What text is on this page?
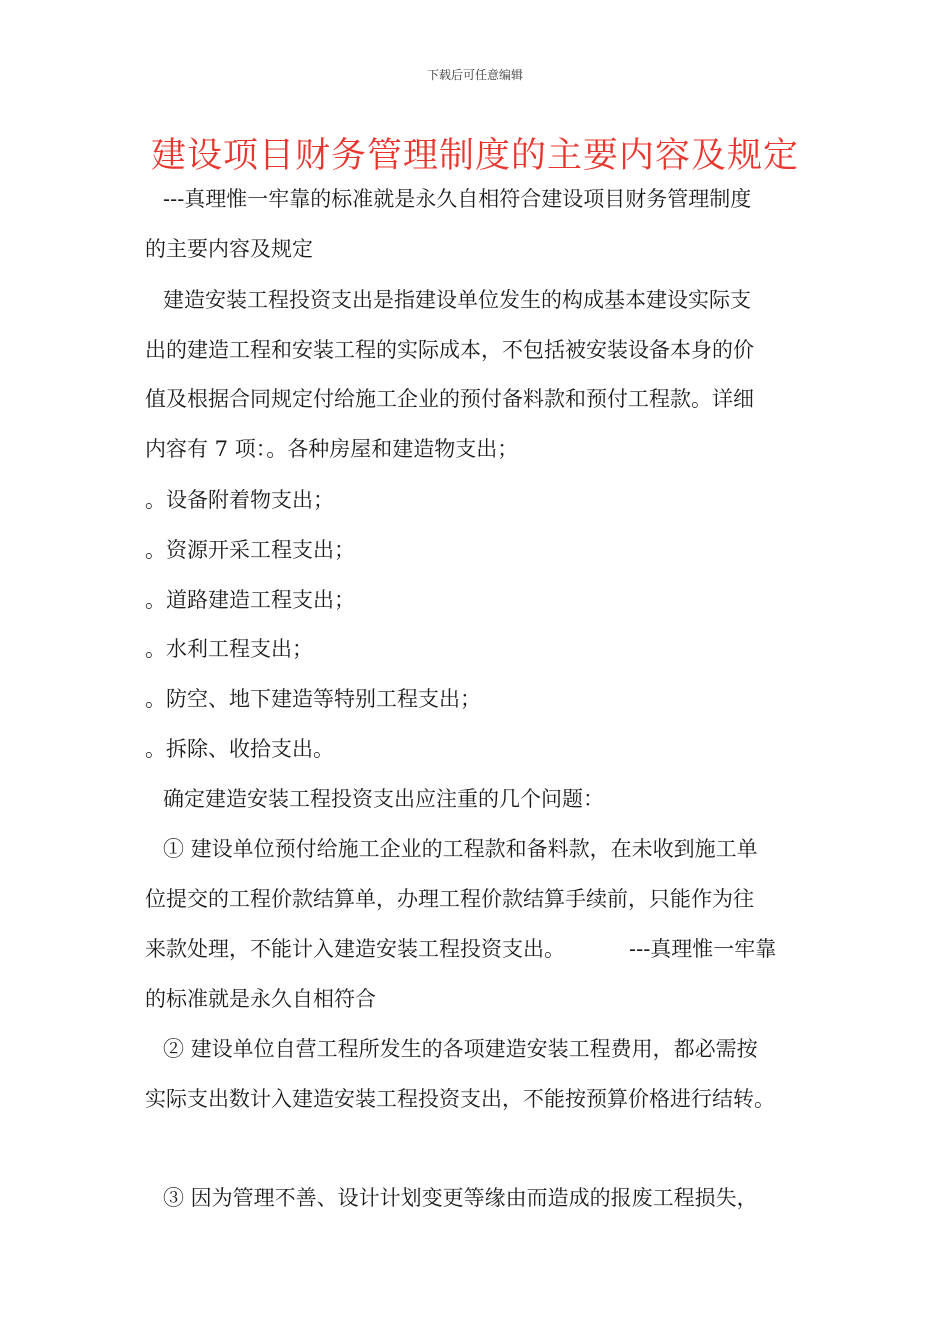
下载后可任意编辑
建设项目财务管理制度的主要内容及规定
---真理惟一牢靠的标准就是永久自相符合建设项目财务管理制度
的主要内容及规定
建造安装工程投资支出是指建设单位发生的构成基本建设实际支
出的建造工程和安装工程的实际成本，不包括被安装设备本身的价
值及根据合同规定付给施工企业的预付备料款和预付工程款。详细
内容有 7 项：。各种房屋和建造物支出；
。设备附着物支出；
。资源开采工程支出；
。道路建造工程支出；
。水利工程支出；
。防空、地下建造等特别工程支出；
。拆除、收拾支出。
确定建造安装工程投资支出应注重的几个问题：
① 建设单位预付给施工企业的工程款和备料款，在未收到施工单
位提交的工程价款结算单，办理工程价款结算手续前，只能作为往
来款处理，不能计入建造安装工程投资支出。	---真理惟一牢靠
的标准就是永久自相符合
② 建设单位自营工程所发生的各项建造安装工程费用，都必需按
实际支出数计入建造安装工程投资支出，不能按预算价格进行结转。
③ 因为管理不善、设计计划变更等缘由而造成的报废工程损失，
